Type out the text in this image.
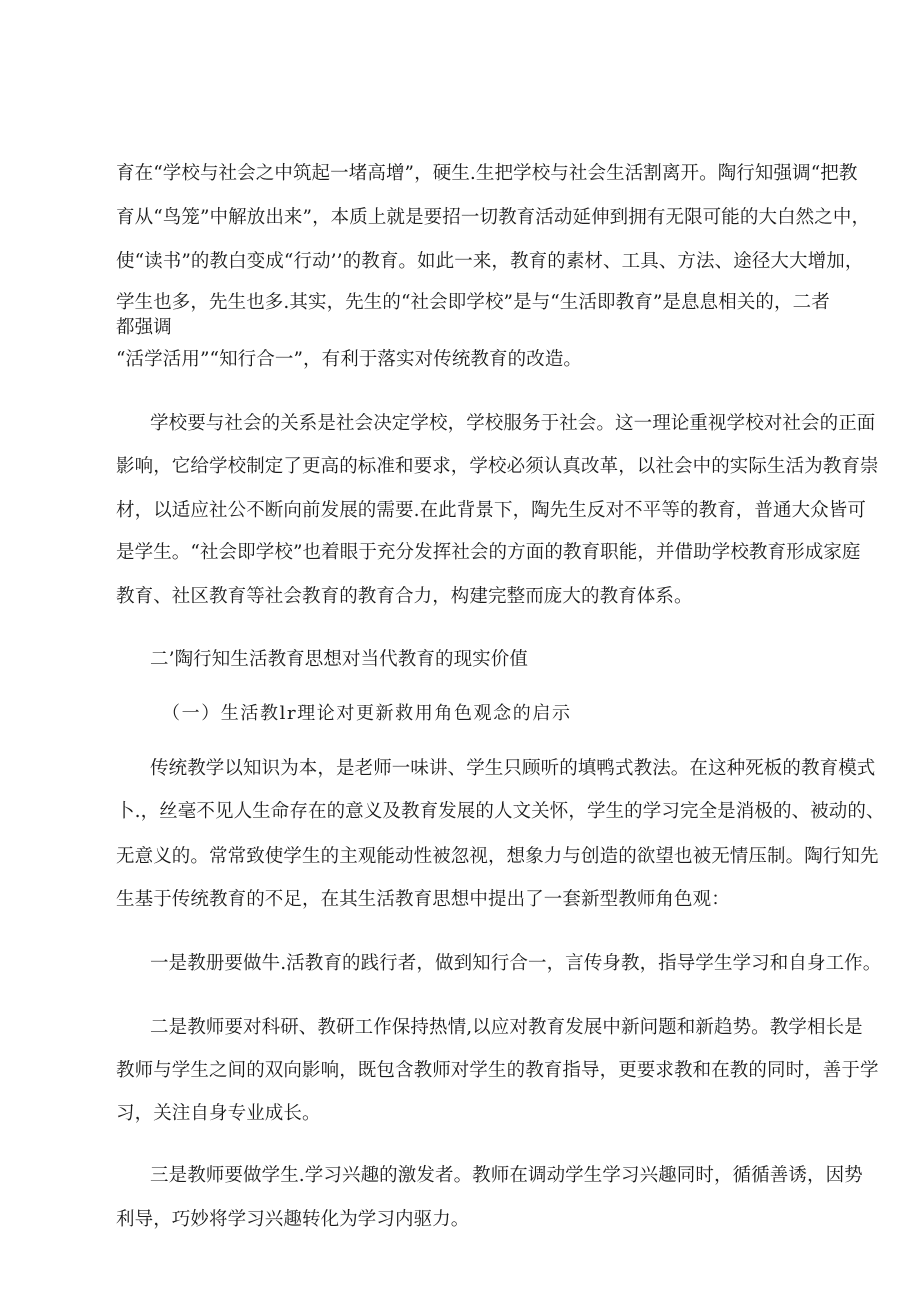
育在“学校与社会之中筑起一堵高增”，硬生.生把学校与社会生活割离开。陶行知强调“把教
育从“鸟笼”中解放出来”，本质上就是要招一切教育活动延伸到拥有无限可能的大白然之中，
使“读书”的教白变成“行动’’的教育。如此一来，教育的素材、工具、方法、途径大大增加，
学生也多，先生也多.其实，先生的“社会即学校”是与“生活即教育”是息息相关的，二者
都强调
“活学活用”“知行合一”，有利于落实对传统教育的改造。
学校要与社会的关系是社会决定学校，学校服务于社会。这一理论重视学校对社会的正面
影响，它给学校制定了更高的标准和要求，学校必须认真改革，以社会中的实际生活为教育崇
材，以适应社公不断向前发展的需要.在此背景下，陶先生反对不平等的教育，普通大众皆可
是学生。“社会即学校”也着眼于充分发挥社会的方面的教育职能，并借助学校教育形成家庭
教育、社区教育等社会教育的教育合力，构建完整而庞大的教育体系。
二’陶行知生活教育思想对当代教育的现实价值
（一）生活教lr理论对更新救用角色观念的启示
传统教学以知识为本，是老师一味讲、学生只顾听的填鸭式教法。在这种死板的教育模式
卜.，丝毫不见人生命存在的意义及教育发展的人文关怀，学生的学习完全是消极的、被动的、
无意义的。常常致使学生的主观能动性被忽视，想象力与创造的欲望也被无情压制。陶行知先
生基于传统教育的不足，在其生活教育思想中提出了一套新型教师角色观：
一是教册要做牛.活教育的践行者，做到知行合一，言传身教，指导学生学习和自身工作。
二是教师要对科研、教研工作保持热情,以应对教育发展中新问题和新趋势。教学相长是
教师与学生之间的双向影响，既包含教师对学生的教育指导，更要求教和在教的同时，善于学
习，关注自身专业成长。
三是教师要做学生.学习兴趣的激发者。教师在调动学生学习兴趣同时，循循善诱，因势
利导，巧妙将学习兴趣转化为学习内驱力。
